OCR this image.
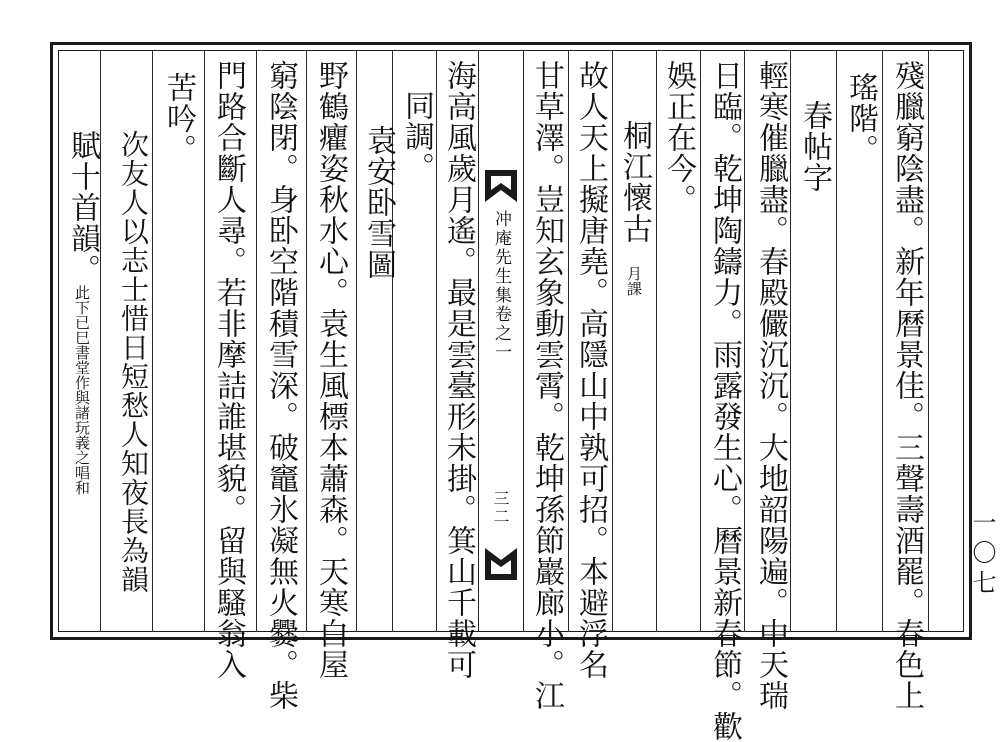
殘臘窮陰盡。新年曆景佳。三聲壽酒罷。春色上
瑤階。
春帖字
輕寒催臘盡。春殿儼沉沉。大地韶陽遍。中天瑞
日臨。乾坤陶鑄力。雨露發生心。曆景新春節。歡
娛正在今。
桐江懷古月課
故人天上擬唐堯。高隱山中孰可招。本避浮名
甘草澤。豈知玄象動雲霄。乾坤孫節巖廊小。江
冲庵先生集卷之一
三二
海高風歲月遙。最是雲臺形未掛。箕山千載可
同調。
袁安卧雪圖
野鶴癯姿秋水心。袁生風標本蕭森。天寒白屋
窮陰閉。身卧空階積雪深。破竈氷凝無火爨。柴
門路合斷人尋。若非摩詰誰堪貌。留與騷翁入
苦吟。
次友人以志士惜日短愁人知夜長為韻
賦十首韻。此下已巳書堂作與諸玩義之唱和
一〇七
